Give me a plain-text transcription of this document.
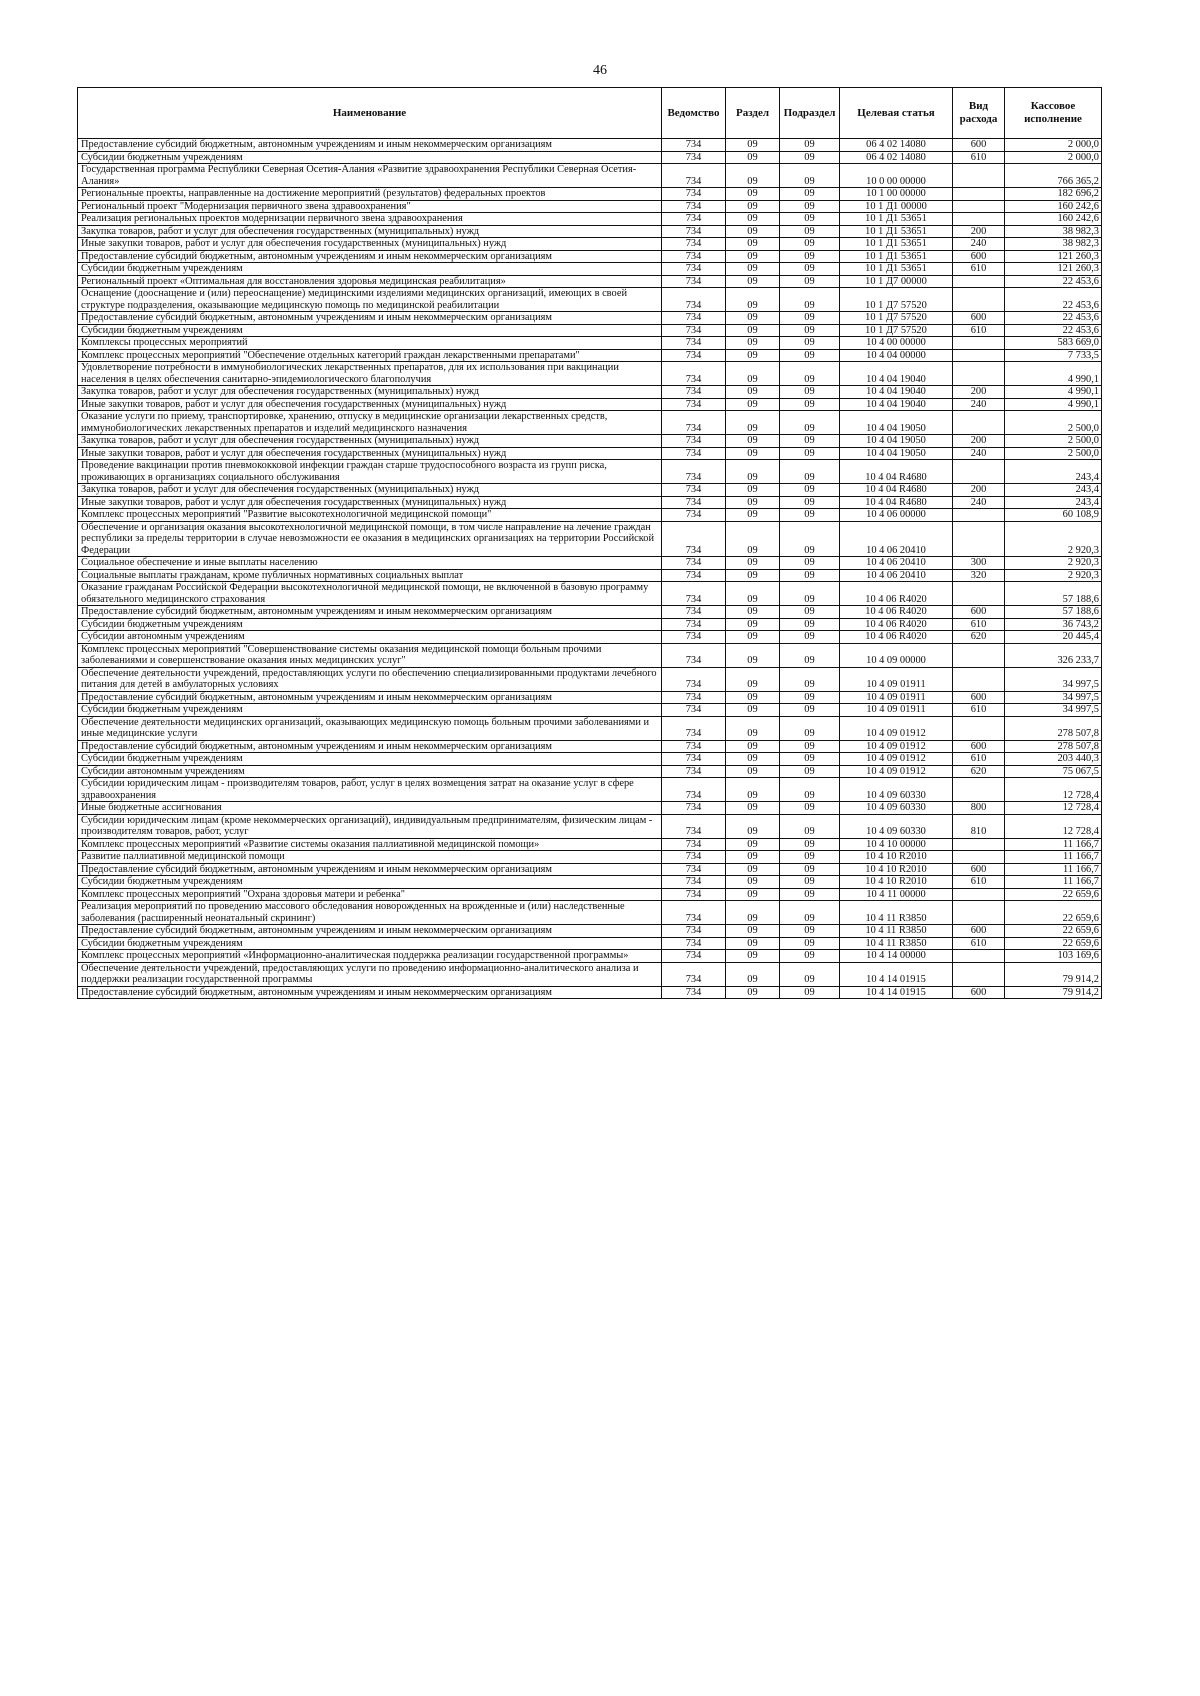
46
Наименование	Ведомство	Раздел	Подраздел	Целевая статья	Вид расхода	Кассовое исполнение
Предоставление субсидий бюджетным, автономным учреждениям и иным некоммерческим организациям	734	09	09	06 4 02 14080	600	2 000,0
Субсидии бюджетным учреждениям	734	09	09	06 4 02 14080	610	2 000,0
Государственная программа Республики Северная Осетия-Алания «Развитие здравоохранения Республики Северная Осетия-Алания»	734	09	09	10 0 00 00000		766 365,2
Региональные проекты, направленные на достижение мероприятий (результатов) федеральных проектов	734	09	09	10 1 00 00000		182 696,2
Региональный проект "Модернизация первичного звена здравоохранения"	734	09	09	10 1 Д1 00000		160 242,6
Реализация региональных проектов модернизации первичного звена здравоохранения	734	09	09	10 1 Д1 53651		160 242,6
Закупка товаров, работ и услуг для обеспечения государственных (муниципальных) нужд	734	09	09	10 1 Д1 53651	200	38 982,3
Иные закупки товаров, работ и услуг для обеспечения государственных (муниципальных) нужд	734	09	09	10 1 Д1 53651	240	38 982,3
Предоставление субсидий бюджетным, автономным учреждениям и иным некоммерческим организациям	734	09	09	10 1 Д1 53651	600	121 260,3
Субсидии бюджетным учреждениям	734	09	09	10 1 Д1 53651	610	121 260,3
Региональный проект «Оптимальная для восстановления здоровья медицинская реабилитация»	734	09	09	10 1 Д7 00000		22 453,6
Оснащение (дооснащение и (или) переоснащение) медицинскими изделиями медицинских организаций, имеющих в своей структуре подразделения, оказывающие медицинскую помощь по медицинской реабилитации	734	09	09	10 1 Д7 57520		22 453,6
Предоставление субсидий бюджетным, автономным учреждениям и иным некоммерческим организациям	734	09	09	10 1 Д7 57520	600	22 453,6
Субсидии бюджетным учреждениям	734	09	09	10 1 Д7 57520	610	22 453,6
Комплексы процессных мероприятий	734	09	09	10 4 00 00000		583 669,0
Комплекс процессных мероприятий "Обеспечение отдельных категорий граждан лекарственными препаратами"	734	09	09	10 4 04 00000		7 733,5
Удовлетворение потребности в иммунобиологических лекарственных препаратов, для их использования при вакцинации населения в целях обеспечения санитарно-эпидемиологического благополучия	734	09	09	10 4 04 19040		4 990,1
Закупка товаров, работ и услуг для обеспечения государственных (муниципальных) нужд	734	09	09	10 4 04 19040	200	4 990,1
Иные закупки товаров, работ и услуг для обеспечения государственных (муниципальных) нужд	734	09	09	10 4 04 19040	240	4 990,1
Оказание услуги по приему, транспортировке, хранению, отпуску в медицинские организации лекарственных средств, иммунобиологических лекарственных препаратов и изделий медицинского назначения	734	09	09	10 4 04 19050		2 500,0
Закупка товаров, работ и услуг для обеспечения государственных (муниципальных) нужд	734	09	09	10 4 04 19050	200	2 500,0
Иные закупки товаров, работ и услуг для обеспечения государственных (муниципальных) нужд	734	09	09	10 4 04 19050	240	2 500,0
Проведение вакцинации против пневмококковой инфекции граждан старше трудоспособного возраста из групп риска, проживающих в организациях социального обслуживания	734	09	09	10 4 04 R4680		243,4
Закупка товаров, работ и услуг для обеспечения государственных (муниципальных) нужд	734	09	09	10 4 04 R4680	200	243,4
Иные закупки товаров, работ и услуг для обеспечения государственных (муниципальных) нужд	734	09	09	10 4 04 R4680	240	243,4
Комплекс процессных мероприятий "Развитие высокотехнологичной медицинской помощи"	734	09	09	10 4 06 00000		60 108,9
Обеспечение и организация оказания высокотехнологичной медицинской помощи, в том числе направление на лечение граждан республики за пределы территории в случае невозможности ее оказания в медицинских организациях на территории Российской Федерации	734	09	09	10 4 06 20410		2 920,3
Социальное обеспечение и иные выплаты населению	734	09	09	10 4 06 20410	300	2 920,3
Социальные выплаты гражданам, кроме публичных нормативных социальных выплат	734	09	09	10 4 06 20410	320	2 920,3
Оказание гражданам Российской Федерации высокотехнологичной медицинской помощи, не включенной в базовую программу обязательного медицинского страхования	734	09	09	10 4 06 R4020		57 188,6
Предоставление субсидий бюджетным, автономным учреждениям и иным некоммерческим организациям	734	09	09	10 4 06 R4020	600	57 188,6
Субсидии бюджетным учреждениям	734	09	09	10 4 06 R4020	610	36 743,2
Субсидии автономным учреждениям	734	09	09	10 4 06 R4020	620	20 445,4
Комплекс процессных мероприятий "Совершенствование системы оказания медицинской помощи больным прочими заболеваниями и совершенствование оказания иных медицинских услуг"	734	09	09	10 4 09 00000		326 233,7
Обеспечение деятельности учреждений, предоставляющих услуги по обеспечению специализированными продуктами лечебного питания для детей в амбулаторных условиях	734	09	09	10 4 09 01911		34 997,5
Предоставление субсидий бюджетным, автономным учреждениям и иным некоммерческим организациям	734	09	09	10 4 09 01911	600	34 997,5
Субсидии бюджетным учреждениям	734	09	09	10 4 09 01911	610	34 997,5
Обеспечение деятельности медицинских организаций, оказывающих медицинскую помощь больным прочими заболеваниями и иные медицинские услуги	734	09	09	10 4 09 01912		278 507,8
Предоставление субсидий бюджетным, автономным учреждениям и иным некоммерческим организациям	734	09	09	10 4 09 01912	600	278 507,8
Субсидии бюджетным учреждениям	734	09	09	10 4 09 01912	610	203 440,3
Субсидии автономным учреждениям	734	09	09	10 4 09 01912	620	75 067,5
Субсидии юридическим лицам - производителям товаров, работ, услуг в целях возмещения затрат на оказание услуг в сфере здравоохранения	734	09	09	10 4 09 60330		12 728,4
Иные бюджетные ассигнования	734	09	09	10 4 09 60330	800	12 728,4
Субсидии юридическим лицам (кроме некоммерческих организаций), индивидуальным предпринимателям, физическим лицам - производителям товаров, работ, услуг	734	09	09	10 4 09 60330	810	12 728,4
Комплекс процессных мероприятий «Развитие системы оказания паллиативной медицинской помощи»	734	09	09	10 4 10 00000		11 166,7
Развитие паллиативной медицинской помощи	734	09	09	10 4 10 R2010		11 166,7
Предоставление субсидий бюджетным, автономным учреждениям и иным некоммерческим организациям	734	09	09	10 4 10 R2010	600	11 166,7
Субсидии бюджетным учреждениям	734	09	09	10 4 10 R2010	610	11 166,7
Комплекс процессных мероприятий "Охрана здоровья матери и ребенка"	734	09	09	10 4 11 00000		22 659,6
Реализация мероприятий по проведению массового обследования новорожденных на врожденные и (или) наследственные заболевания (расширенный неонатальный скрининг)	734	09	09	10 4 11 R3850		22 659,6
Предоставление субсидий бюджетным, автономным учреждениям и иным некоммерческим организациям	734	09	09	10 4 11 R3850	600	22 659,6
Субсидии бюджетным учреждениям	734	09	09	10 4 11 R3850	610	22 659,6
Комплекс процессных мероприятий «Информационно-аналитическая поддержка реализации государственной программы»	734	09	09	10 4 14 00000		103 169,6
Обеспечение деятельности учреждений, предоставляющих услуги по проведению информационно-аналитического анализа и поддержки реализации государственной программы	734	09	09	10 4 14 01915		79 914,2
Предоставление субсидий бюджетным, автономным учреждениям и иным некоммерческим организациям	734	09	09	10 4 14 01915	600	79 914,2
